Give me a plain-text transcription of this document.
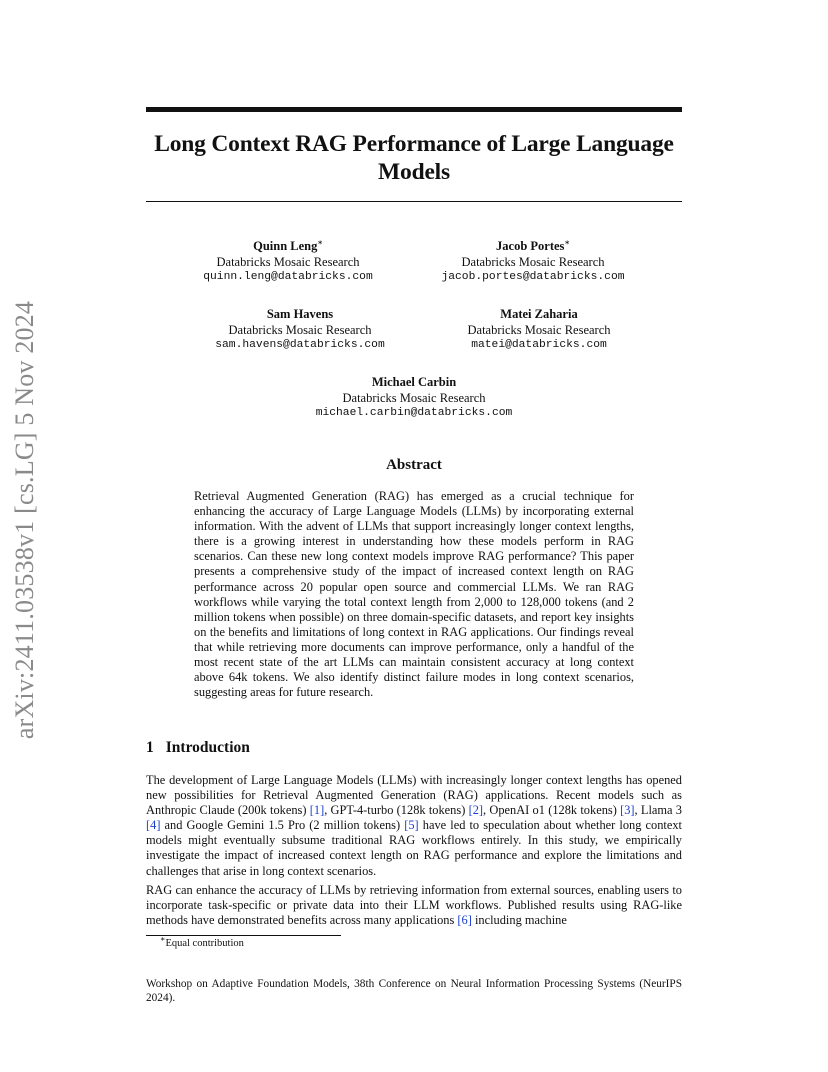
arXiv:2411.03538v1 [cs.LG] 5 Nov 2024
Long Context RAG Performance of Large Language Models
Quinn Leng∗
Databricks Mosaic Research
quinn.leng@databricks.com
Jacob Portes∗
Databricks Mosaic Research
jacob.portes@databricks.com
Sam Havens
Databricks Mosaic Research
sam.havens@databricks.com
Matei Zaharia
Databricks Mosaic Research
matei@databricks.com
Michael Carbin
Databricks Mosaic Research
michael.carbin@databricks.com
Abstract
Retrieval Augmented Generation (RAG) has emerged as a crucial technique for enhancing the accuracy of Large Language Models (LLMs) by incorporating external information. With the advent of LLMs that support increasingly longer context lengths, there is a growing interest in understanding how these models perform in RAG scenarios. Can these new long context models improve RAG performance? This paper presents a comprehensive study of the impact of increased context length on RAG performance across 20 popular open source and commercial LLMs. We ran RAG workflows while varying the total context length from 2,000 to 128,000 tokens (and 2 million tokens when possible) on three domain-specific datasets, and report key insights on the benefits and limitations of long context in RAG applications. Our findings reveal that while retrieving more documents can improve performance, only a handful of the most recent state of the art LLMs can maintain consistent accuracy at long context above 64k tokens. We also identify distinct failure modes in long context scenarios, suggesting areas for future research.
1 Introduction
The development of Large Language Models (LLMs) with increasingly longer context lengths has opened new possibilities for Retrieval Augmented Generation (RAG) applications. Recent models such as Anthropic Claude (200k tokens) [1], GPT-4-turbo (128k tokens) [2], OpenAI o1 (128k tokens) [3], Llama 3 [4] and Google Gemini 1.5 Pro (2 million tokens) [5] have led to speculation about whether long context models might eventually subsume traditional RAG workflows entirely. In this study, we empirically investigate the impact of increased context length on RAG performance and explore the limitations and challenges that arise in long context scenarios.
RAG can enhance the accuracy of LLMs by retrieving information from external sources, enabling users to incorporate task-specific or private data into their LLM workflows. Published results using RAG-like methods have demonstrated benefits across many applications [6] including machine
∗Equal contribution
Workshop on Adaptive Foundation Models, 38th Conference on Neural Information Processing Systems (NeurIPS 2024).
